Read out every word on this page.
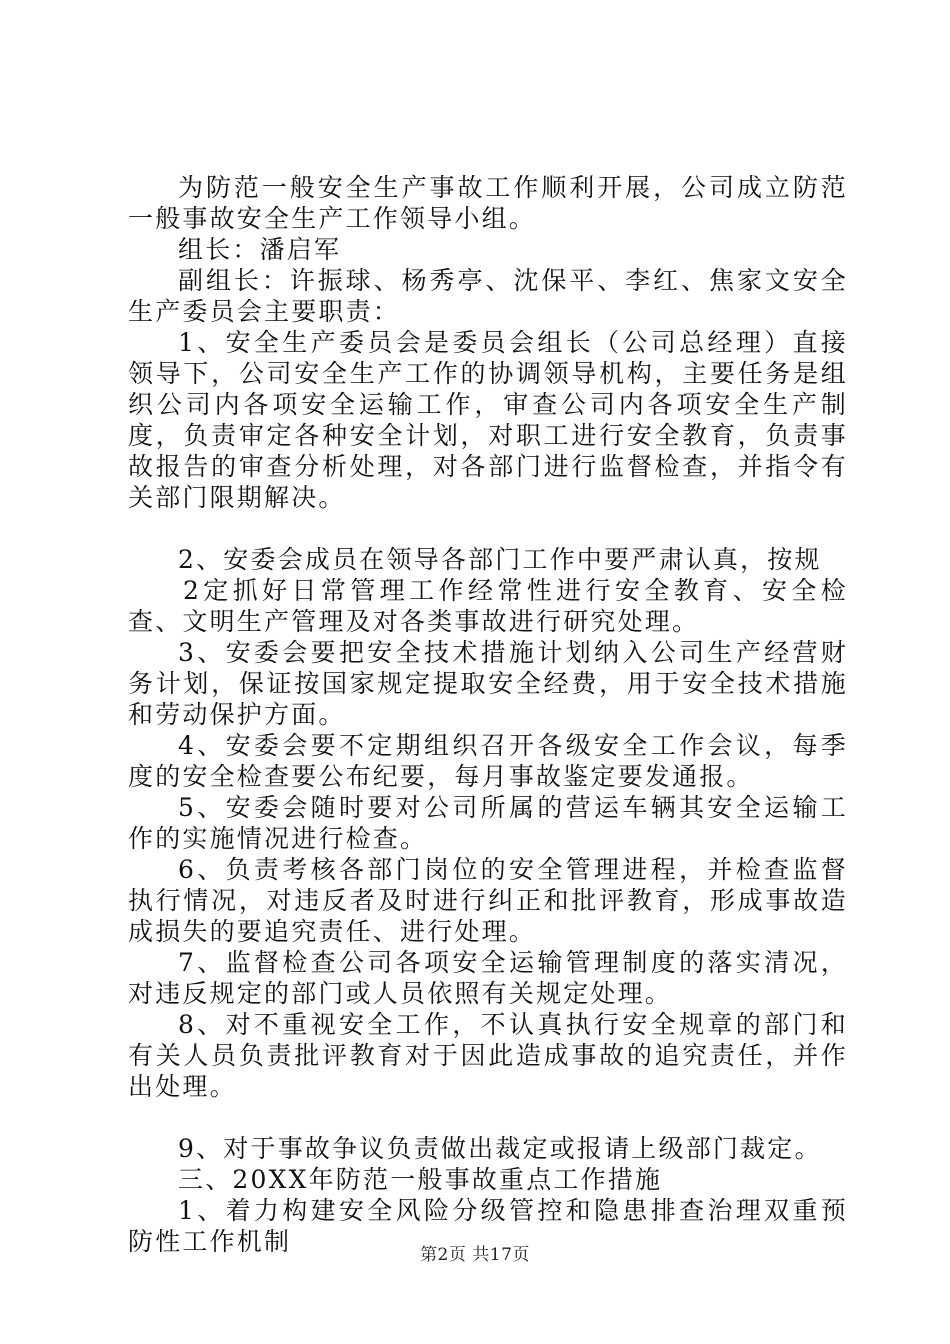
为防范一般安全生产事故工作顺利开展，公司成立防范一般事故安全生产工作领导小组。

组长：潘启军

副组长：许振球、杨秀亭、沈保平、李红、焦家文安全生产委员会主要职责：

1、安全生产委员会是委员会组长（公司总经理）直接领导下，公司安全生产工作的协调领导机构，主要任务是组织公司内各项安全运输工作，审查公司内各项安全生产制度，负责审定各种安全计划，对职工进行安全教育，负责事故报告的审查分析处理，对各部门进行监督检查，并指令有关部门限期解决。

2、安委会成员在领导各部门工作中要严肃认真，按规

2定抓好日常管理工作经常性进行安全教育、安全检查、文明生产管理及对各类事故进行研究处理。

3、安委会要把安全技术措施计划纳入公司生产经营财务计划，保证按国家规定提取安全经费，用于安全技术措施和劳动保护方面。

4、安委会要不定期组织召开各级安全工作会议，每季度的安全检查要公布纪要，每月事故鉴定要发通报。

5、安委会随时要对公司所属的营运车辆其安全运输工作的实施情况进行检查。

6、负责考核各部门岗位的安全管理进程，并检查监督执行情况，对违反者及时进行纠正和批评教育，形成事故造成损失的要追究责任、进行处理。

7、监督检查公司各项安全运输管理制度的落实清况，对违反规定的部门或人员依照有关规定处理。

8、对不重视安全工作，不认真执行安全规章的部门和有关人员负责批评教育对于因此造成事故的追究责任，并作出处理。

9、对于事故争议负责做出裁定或报请上级部门裁定。

三、20XX年防范一般事故重点工作措施

1、着力构建安全风险分级管控和隐患排查治理双重预防性工作机制	第2页 共17页
